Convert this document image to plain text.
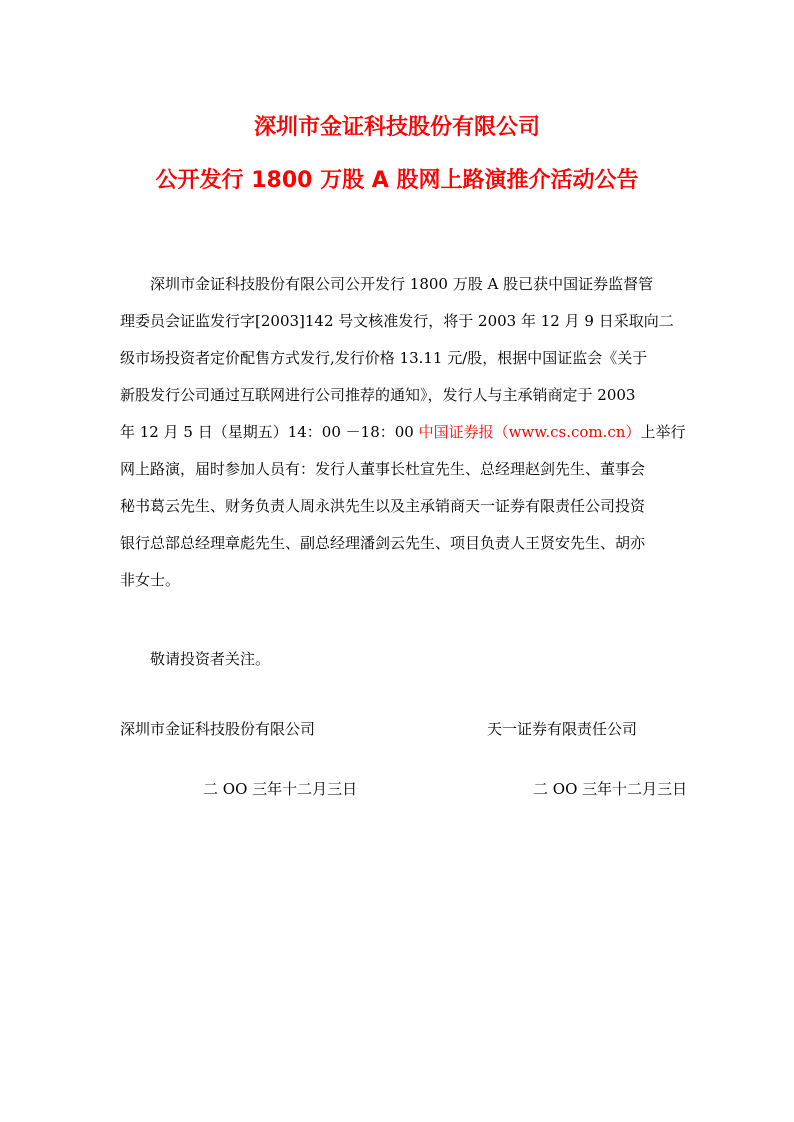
深圳市金证科技股份有限公司
公开发行 1800 万股 A 股网上路演推介活动公告
深圳市金证科技股份有限公司公开发行 1800 万股 A 股已获中国证券监督管
理委员会证监发行字[2003]142 号文核准发行，将于 2003 年 12 月 9 日采取向二
级市场投资者定价配售方式发行,发行价格 13.11 元/股，根据中国证监会《关于
新股发行公司通过互联网进行公司推荐的通知》，发行人与主承销商定于 2003
年 12 月 5 日（星期五）14：00 －18：00 中国证券报（www.cs.com.cn）上举行
网上路演，届时参加人员有：发行人董事长杜宣先生、总经理赵剑先生、董事会
秘书葛云先生、财务负责人周永洪先生以及主承销商天一证券有限责任公司投资
银行总部总经理章彪先生、副总经理潘剑云先生、项目负责人王贤安先生、胡亦
非女士。

敬请投资者关注。

深圳市金证科技股份有限公司	天一证券有限责任公司

二 OO 三年十二月三日	二 OO 三年十二月三日
